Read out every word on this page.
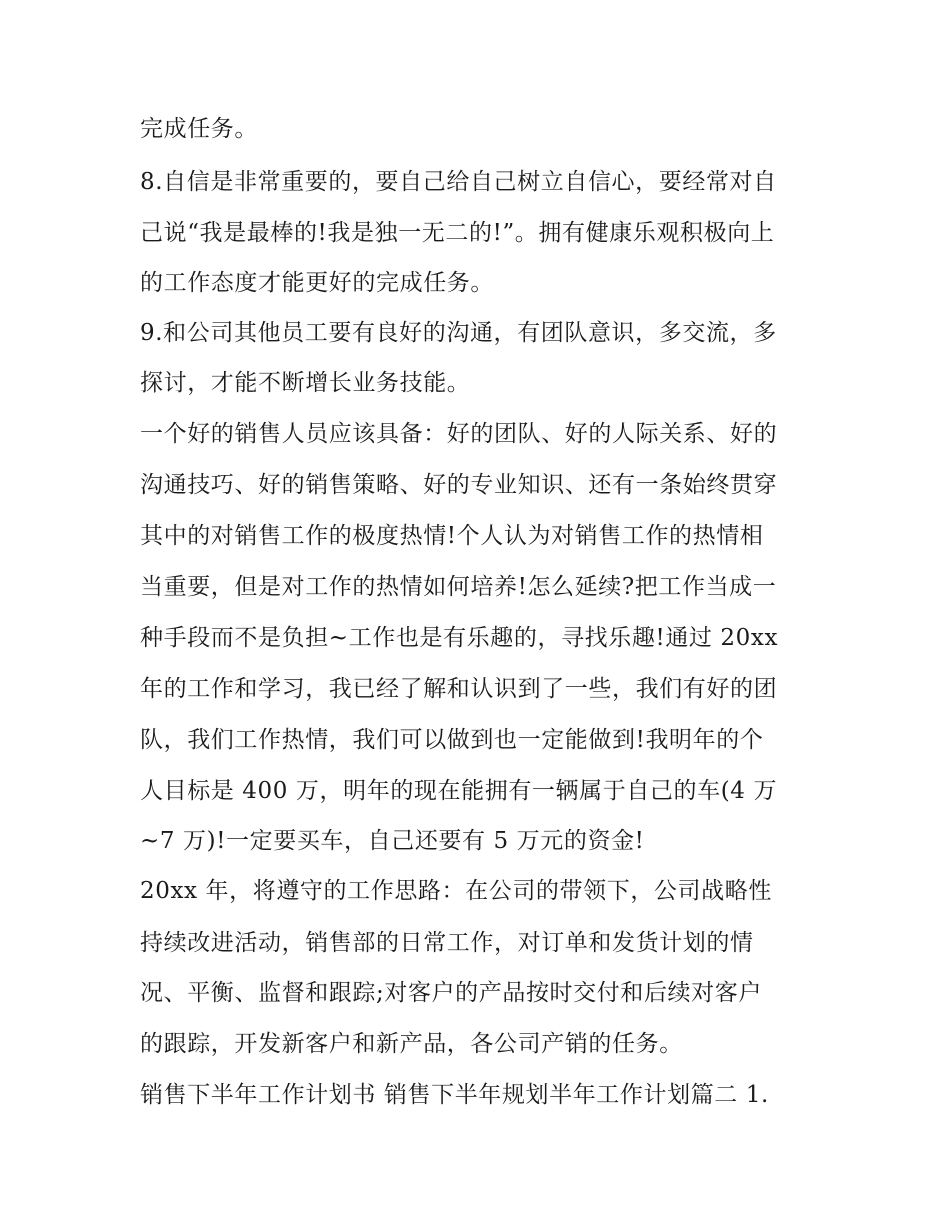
完成任务。
8.自信是非常重要的，要自己给自己树立自信心，要经常对自
己说“我是最棒的!我是独一无二的!”。拥有健康乐观积极向上
的工作态度才能更好的完成任务。
9.和公司其他员工要有良好的沟通，有团队意识，多交流，多
探讨，才能不断增长业务技能。
一个好的销售人员应该具备：好的团队、好的人际关系、好的
沟通技巧、好的销售策略、好的专业知识、还有一条始终贯穿
其中的对销售工作的极度热情!个人认为对销售工作的热情相
当重要，但是对工作的热情如何培养!怎么延续?把工作当成一
种手段而不是负担~工作也是有乐趣的，寻找乐趣!通过 20xx
年的工作和学习，我已经了解和认识到了一些，我们有好的团
队，我们工作热情，我们可以做到也一定能做到!我明年的个
人目标是 400 万，明年的现在能拥有一辆属于自己的车(4 万
~7 万)!一定要买车，自己还要有 5 万元的资金!
20xx 年，将遵守的工作思路：在公司的带领下，公司战略性
持续改进活动，销售部的日常工作，对订单和发货计划的情
况、平衡、监督和跟踪;对客户的产品按时交付和后续对客户
的跟踪，开发新客户和新产品，各公司产销的任务。
销售下半年工作计划书 销售下半年规划半年工作计划篇二 1.
